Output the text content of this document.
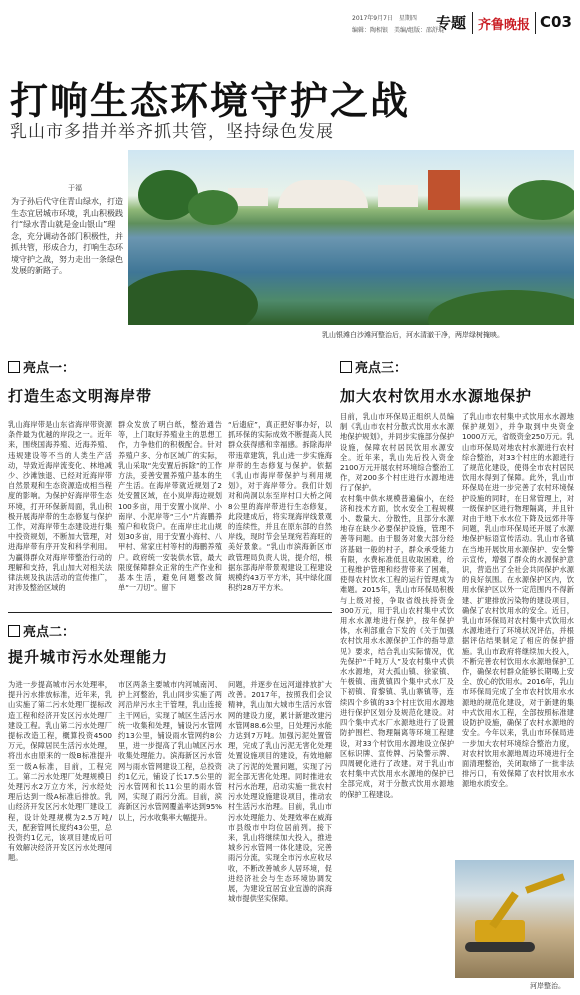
2017年9月7日　星期四
编辑：陶相银　美编/组版：邵舒琨
专题 齐鲁晚报 C03
打响生态环境守护之战
乳山市多措并举齐抓共管，坚持绿色发展
于福
为子孙后代守住青山绿水，打造生态宜居城市环境，乳山积极践行“绿水青山就是金山银山”理念，充分调动各部门积极性，并抓共管，形成合力，打响生态环境守护之战，努力走出一条绿色发展的新路子。
乳山银滩白沙滩河整治后，河水清澈干净，两岸绿树掩映。
亮点一：
打造生态文明海岸带
乳山海岸带是山东省海岸带资源条件最为优越的岸段之一。近年来，围绕国海养殖、近海养殖、违规建设等不当的人类生产活动，导致近海岸流变化、林地减少、沙滩蚀退、已经对近海岸带自然景观和生态资源造成相当程度的影响。为保护好海岸带生态环境，打开环保新局面，乳山积极开展海岸带的生态修复与保护工作，对海岸带生态建设进行集中投资规划，不断加大管理，对进海岸带有序开发和科学利用。为贏得群众对海岸带整治行动的理解和支持，乳山加大对相关法律法规及执法活动的宣传推广，对涉及整治区域的
群众发放了明白纸，整治通告等，上门取好养殖业主的思想工作，力争他们的积极配合。针对养殖户多、分布区域广的实际，乳山采取“先安置后拆除”的工作方法，妥善安置养殖户基本的生产生活。在海岸带就近规划了2处安置区域，在小岚岸海边规划100多亩，用于安置小岚岸、小南岸、小泥岸等“三小”片海鹏养殖户和收货户。在南岸庄北山规划30多亩，用于安置小海村、八甲村、常家庄村等村的海鹏养殖户。政府统一安装供水管，最大限度保障群众正常的生产作业和基本生活，避免问题整改简单“一刀切”。留下
“后遗症”，真正把好事办好，以抓环保的实际成效不断提高人民群众获得感和幸福感。拆除海岸带违章建筑，乳山进一步实施海岸带的生态修复与保护。依据《乳山市海岸带保护与利用规划》，对于海岸带分。我们计划对和尚洞以东至岸村口大桥之间8公里的海岸带进行生态修复，此段建成后，将实现海岸线景观的连续性，并且在原东部的自然岸线，现时节会呈现宛若海旺的美好景象。“乳山市滨海新区市政管理局负责人说，提介绍，根据东部海岸带景观建设工程建设规模约43万平方米，其中绿化面积约28万平方米。
亮点三：
加大农村饮用水水源地保护
目前，乳山市环保局正组织人员编制《乳山市农村分散式饮用水水源地保护规划》，并同步实施部分保护设施，保障农村居民饮用水源安全。近年来，乳山先后投入资金2100万元开展农村环境综合整治工作，对200多个村庄进行水源地进行了保护。
农村集中供水规模普遍偏小，在经济和技术方面，饮水安全工程规模小、数量大、分散性，且部分水源地存在缺少必要保护设施，管理不善等问题。由于服务对象大部分经济基础一般的村子，群众承受能力有限，水费标准低且收取困难，给工程维护管理和经营带来了困难，使得农村饮水工程的运行管理成为难题。2015年，乳山市环保局积极与上级对接，争取省级扶持资金300万元，用于乳山农村集中式饮用水水源地进行保护，按年保护体，水利部重合下发的《关于加强农村饮用水水源保护工作的指导意见》要求，结合乳山实际情况，优先保护“千吨万人”及农村集中式供水水源地，对大孤山镇、徐家镇、午极镇、南黄镇四个集中式水厂及下初镇、育黎镇、乳山寨镇等，连续四个乡镇的33个村庄饮用水源地进行保护区划分及规范化建设。对四个集中式水厂水源地进行了设置防护围栏、物理隔离等环境工程建设，对33个村饮用水源地设立保护区标识牌、宣传牌、污染警示牌、四周硬化进行了改建。对于乳山市农村集中式饮用水水源地的保护已全部完成，对于分散式饮用水源地的保护工程建设。
了乳山市农村集中式饮用水水源地保护规划》，并争取到中央资金1000万元，省级资金250万元。乳山市环保局对地农村水源进行农村综合整治，对33个村庄的水源进行了规范化建设，使得全市农村居民饮用水得到了保障。此外，乳山市环保局在进一步完善了农村环境保护设施的同时，在日常管理上，对一级保护区进行物理隔离，并且针对由于地下水水位下降及远郊井等问题，乳山市环保局还开展了水源地保护标语宣传活动。乳山市各镇在当地开展饮用水源保护、安全警示宣传，增强了群众的水源保护意识，营造出了全社会共同保护水源的良好氛围。在水源保护区内，饮用水保护区以外一定范围内不得新建、扩建排放污染物的建设项目，确保了农村饮用水的安全。近日，乳山市环保局对农村集中式饮用水水源地进行了环境状况评估，并根据评估结果制定了相应的保护措施。乳山市政府将继续加大投入，不断完善农村饮用水水源地保护工作，确保农村群众能够长期喝上安全、放心的饮用水。2016年，乳山市环保局完成了全市农村饮用水水源地的规范化建设，对于新建的集中式饮用水工程，全部按照标准建设防护设施，确保了农村水源地的安全。今年以来，乳山市环保局进一步加大农村环境综合整治力度，对农村饮用水源地周边环境进行全面清理整治，关闭取缔了一批非法排污口，有效保障了农村饮用水水源地水质安全。
河岸整治。
亮点二：
提升城市污水处理能力
为进一步提高城市污水处理率，提升污水排放标准，近年来，乳山实施了第二污水处理厂提标改造工程和经济开发区污水处理厂建设工程。乳山第二污水处理厂提标改造工程，概算投资4500万元，保障居民生活污水处理，将出水由原来的一级B标准提升至一级A标准，目前，工程完工。第二污水处理厂处理规模日处理污水2万立方米，污水经处理后达到一级A标准后排放。乳山经济开发区污水处理厂建设工程，设计处理规模为2.5万吨/天，配套管网长度约43公里，总投资约1亿元，该项目建成后可有效解决经济开发区污水处理问题。
市区两条主要城市内河城南河、护上河整治，乳山同步实施了两河沿岸污水主干管埋，乳山连接主干网后，实现了城区生活污水统一收集和处理，铺设污水管网约13公里，铺设雨水管网约8公里，进一步提高了乳山城区污水收集处理能力。滨海新区污水管网与雨水管网建设工程，总投资约1亿元，铺设了长17.5公里的污水管网和长11公里的雨水管网，实现了雨污分流。目前，滨海新区污水管网覆盖率达到95%以上，污水收集率大幅提升。
问题，并逐步在远河道排放扩大改善。2017年，按照我们会议精神，乳山加大城市生活污水管网的建设力度，累计新建改建污水管网88.6公里，日处理污水能力达到7万吨。加强污泥处置管理，完成了乳山污泥无害化处理处置设施项目的建设，有效地解决了污泥的处置问题，实现了污泥全部无害化处理。同时推进农村污水治理，启动实施一批农村污水处理设施建设项目，推动农村生活污水治理。目前，乳山市污水处理能力、处理效率在威海市县级市中均位居前列。接下来，乳山将继续加大投入，推进城乡污水管网一体化建设，完善雨污分流，实现全市污水应收尽收，不断改善城乡人居环境，促进经济社会与生态环境协调发展，为建设宜居宜业宜游的滨海城市提供坚实保障。
